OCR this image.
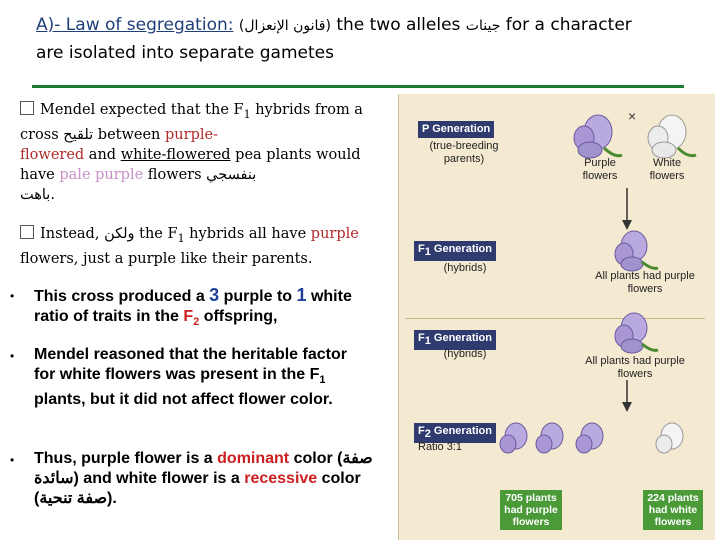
A)- Law of segregation: (قانون الإنعزال) the two alleles جينات for a character
are isolated into separate gametes
Mendel expected that the $F_1$ hybrids from a cross تلقيح between purple-
flowered and white-flowered pea plants would have pale purple flowers بنفسجي
باهت.
Instead, ولكن the $F_1$ hybrids all have purple flowers, just a purple like their parents.
• This cross produced a 3 purple to 1 white ratio of traits in the $F_2$ offspring,
• Mendel reasoned that the heritable factor for white flowers was present in the $F_1$ plants, but it did not affect flower color.
• Thus, purple flower is a dominant color (صفة سائدة) and white flower is a recessive color (صفة تنحية).
P Generation
(true-breeding parents)
×
Purple flowers
White flowers
$F_1$ Generation
(hybrids)
All plants had purple flowers
$F_1$ Generation
(hybrids)
All plants had purple flowers
$F_2$ Generation
Ratio 3:1
705 plants had purple flowers
224 plants had white flowers
